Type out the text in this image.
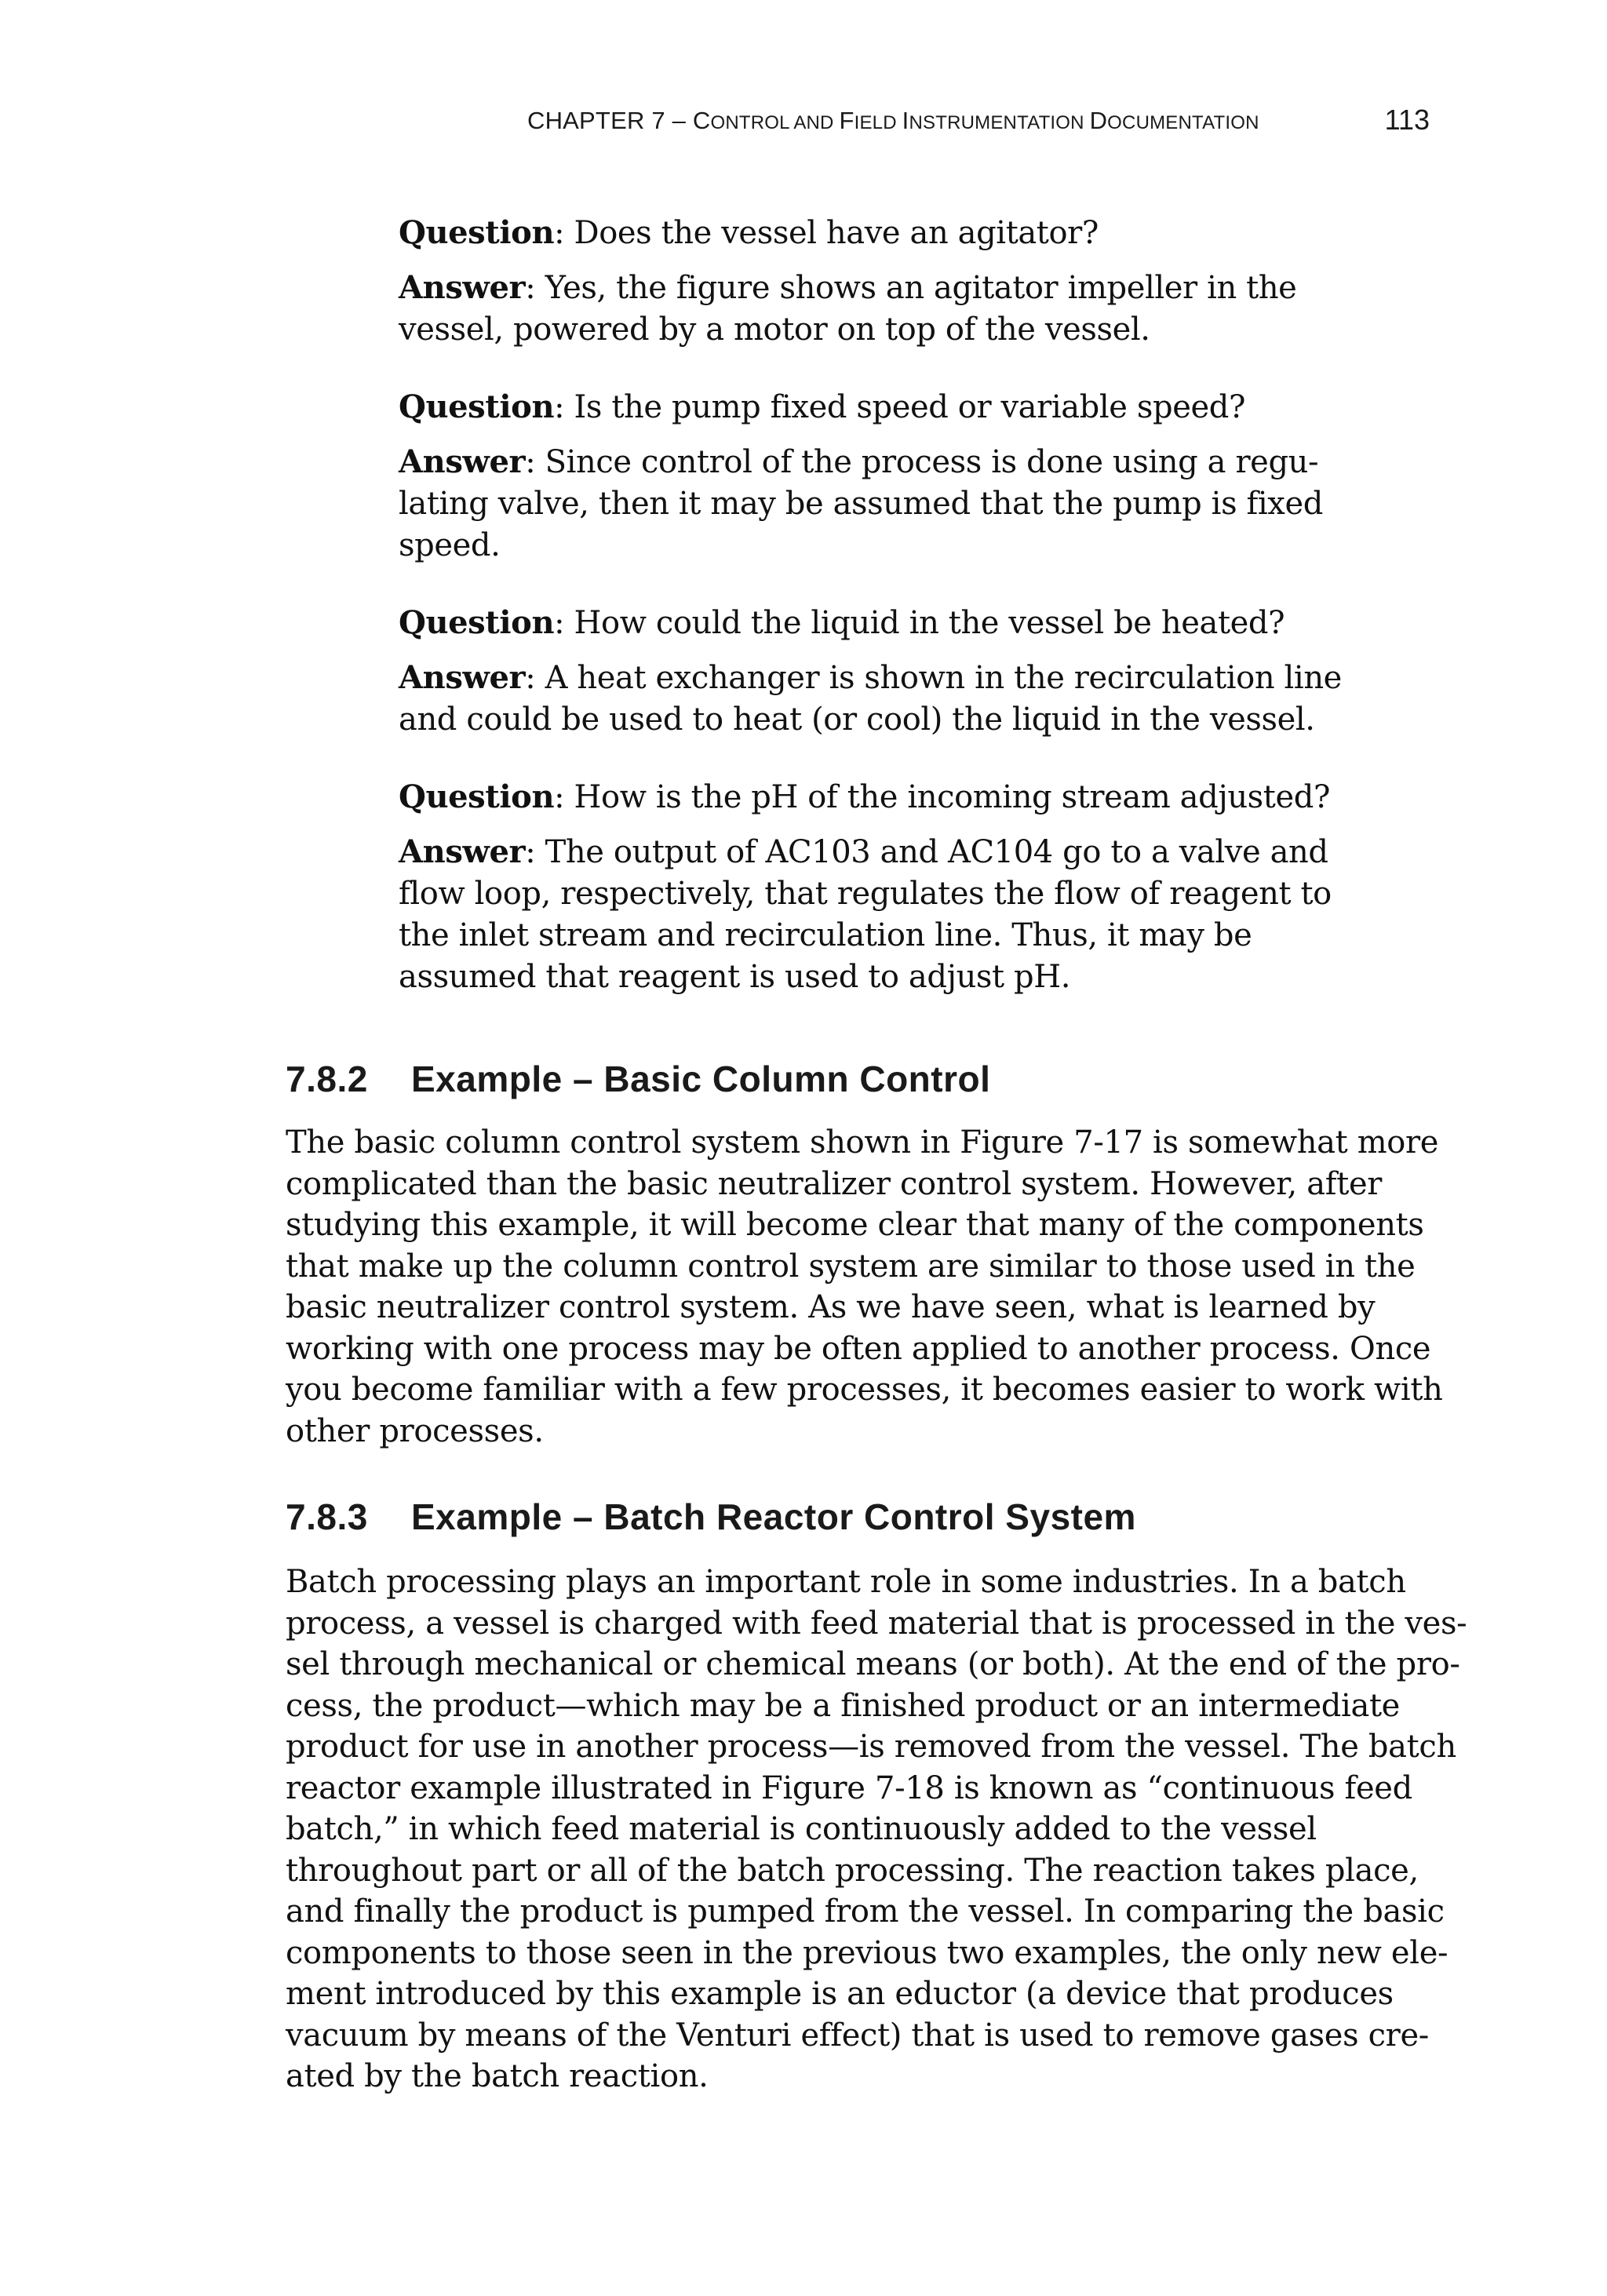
CHAPTER 7 – CONTROL AND FIELD INSTRUMENTATION DOCUMENTATION	113

Question: Does the vessel have an agitator?

Answer: Yes, the figure shows an agitator impeller in the
vessel, powered by a motor on top of the vessel.

Question: Is the pump fixed speed or variable speed?

Answer: Since control of the process is done using a regu-
lating valve, then it may be assumed that the pump is fixed
speed.

Question: How could the liquid in the vessel be heated?

Answer: A heat exchanger is shown in the recirculation line
and could be used to heat (or cool) the liquid in the vessel.

Question: How is the pH of the incoming stream adjusted?

Answer: The output of AC103 and AC104 go to a valve and
flow loop, respectively, that regulates the flow of reagent to
the inlet stream and recirculation line. Thus, it may be
assumed that reagent is used to adjust pH.

7.8.2 Example – Basic Column Control
The basic column control system shown in Figure 7-17 is somewhat more
complicated than the basic neutralizer control system. However, after
studying this example, it will become clear that many of the components
that make up the column control system are similar to those used in the
basic neutralizer control system. As we have seen, what is learned by
working with one process may be often applied to another process. Once
you become familiar with a few processes, it becomes easier to work with
other processes.
7.8.3 Example – Batch Reactor Control System
Batch processing plays an important role in some industries. In a batch
process, a vessel is charged with feed material that is processed in the ves-
sel through mechanical or chemical means (or both). At the end of the pro-
cess, the product—which may be a finished product or an intermediate
product for use in another process—is removed from the vessel. The batch
reactor example illustrated in Figure 7-18 is known as “continuous feed
batch,” in which feed material is continuously added to the vessel
throughout part or all of the batch processing. The reaction takes place,
and finally the product is pumped from the vessel. In comparing the basic
components to those seen in the previous two examples, the only new ele-
ment introduced by this example is an eductor (a device that produces
vacuum by means of the Venturi effect) that is used to remove gases cre-
ated by the batch reaction.
